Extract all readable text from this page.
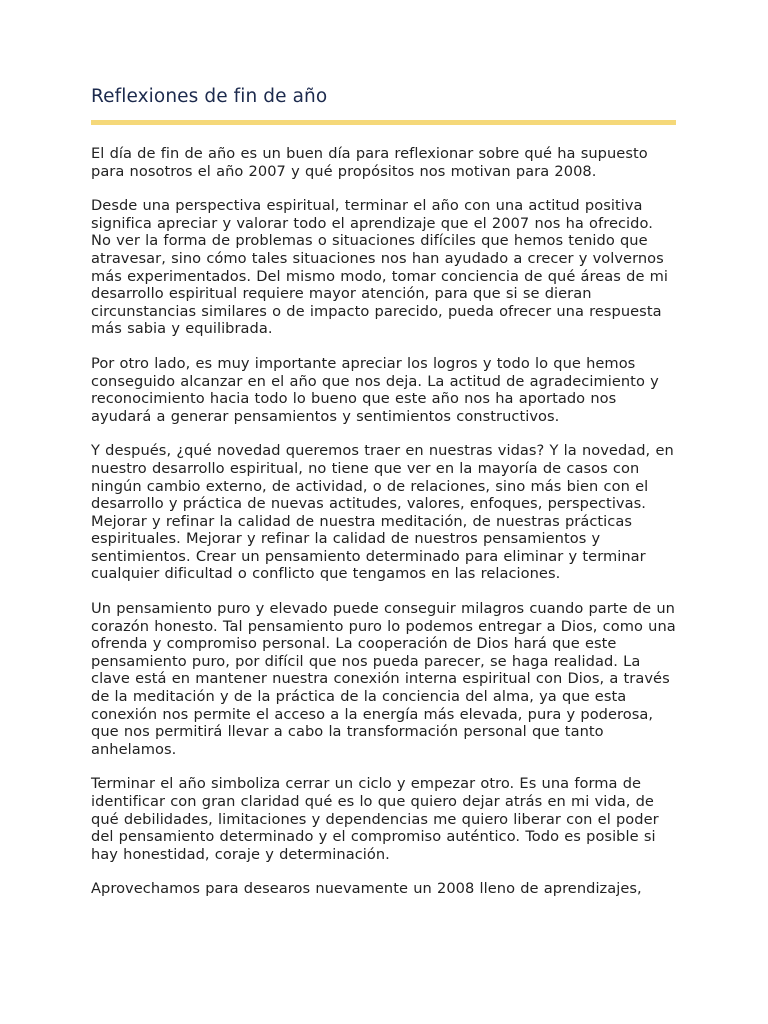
Reflexiones de fin de año

El día de fin de año es un buen día para reflexionar sobre qué ha supuesto para nosotros el año 2007 y qué propósitos nos motivan para 2008.

Desde una perspectiva espiritual, terminar el año con una actitud positiva significa apreciar y valorar todo el aprendizaje que el 2007 nos ha ofrecido. No ver la forma de problemas o situaciones difíciles que hemos tenido que atravesar, sino cómo tales situaciones nos han ayudado a crecer y volvernos más experimentados. Del mismo modo, tomar conciencia de qué áreas de mi desarrollo espiritual requiere mayor atención, para que si se dieran circunstancias similares o de impacto parecido, pueda ofrecer una respuesta más sabia y equilibrada.

Por otro lado, es muy importante apreciar los logros y todo lo que hemos conseguido alcanzar en el año que nos deja. La actitud de agradecimiento y reconocimiento hacia todo lo bueno que este año nos ha aportado nos ayudará a generar pensamientos y sentimientos constructivos.

Y después, ¿qué novedad queremos traer en nuestras vidas? Y la novedad, en nuestro desarrollo espiritual, no tiene que ver en la mayoría de casos con ningún cambio externo, de actividad, o de relaciones, sino más bien con el desarrollo y práctica de nuevas actitudes, valores, enfoques, perspectivas. Mejorar y refinar la calidad de nuestra meditación, de nuestras prácticas espirituales. Mejorar y refinar la calidad de nuestros pensamientos y sentimientos. Crear un pensamiento determinado para eliminar y terminar cualquier dificultad o conflicto que tengamos en las relaciones.

Un pensamiento puro y elevado puede conseguir milagros cuando parte de un corazón honesto. Tal pensamiento puro lo podemos entregar a Dios, como una ofrenda y compromiso personal. La cooperación de Dios hará que este pensamiento puro, por difícil que nos pueda parecer, se haga realidad. La clave está en mantener nuestra conexión interna espiritual con Dios, a través de la meditación y de la práctica de la conciencia del alma, ya que esta conexión nos permite el acceso a la energía más elevada, pura y poderosa, que nos permitirá llevar a cabo la transformación personal que tanto anhelamos.

Terminar el año simboliza cerrar un ciclo y empezar otro. Es una forma de identificar con gran claridad qué es lo que quiero dejar atrás en mi vida, de qué debilidades, limitaciones y dependencias me quiero liberar con el poder del pensamiento determinado y el compromiso auténtico. Todo es posible si hay honestidad, coraje y determinación.

Aprovechamos para desearos nuevamente un 2008 lleno de aprendizajes,
